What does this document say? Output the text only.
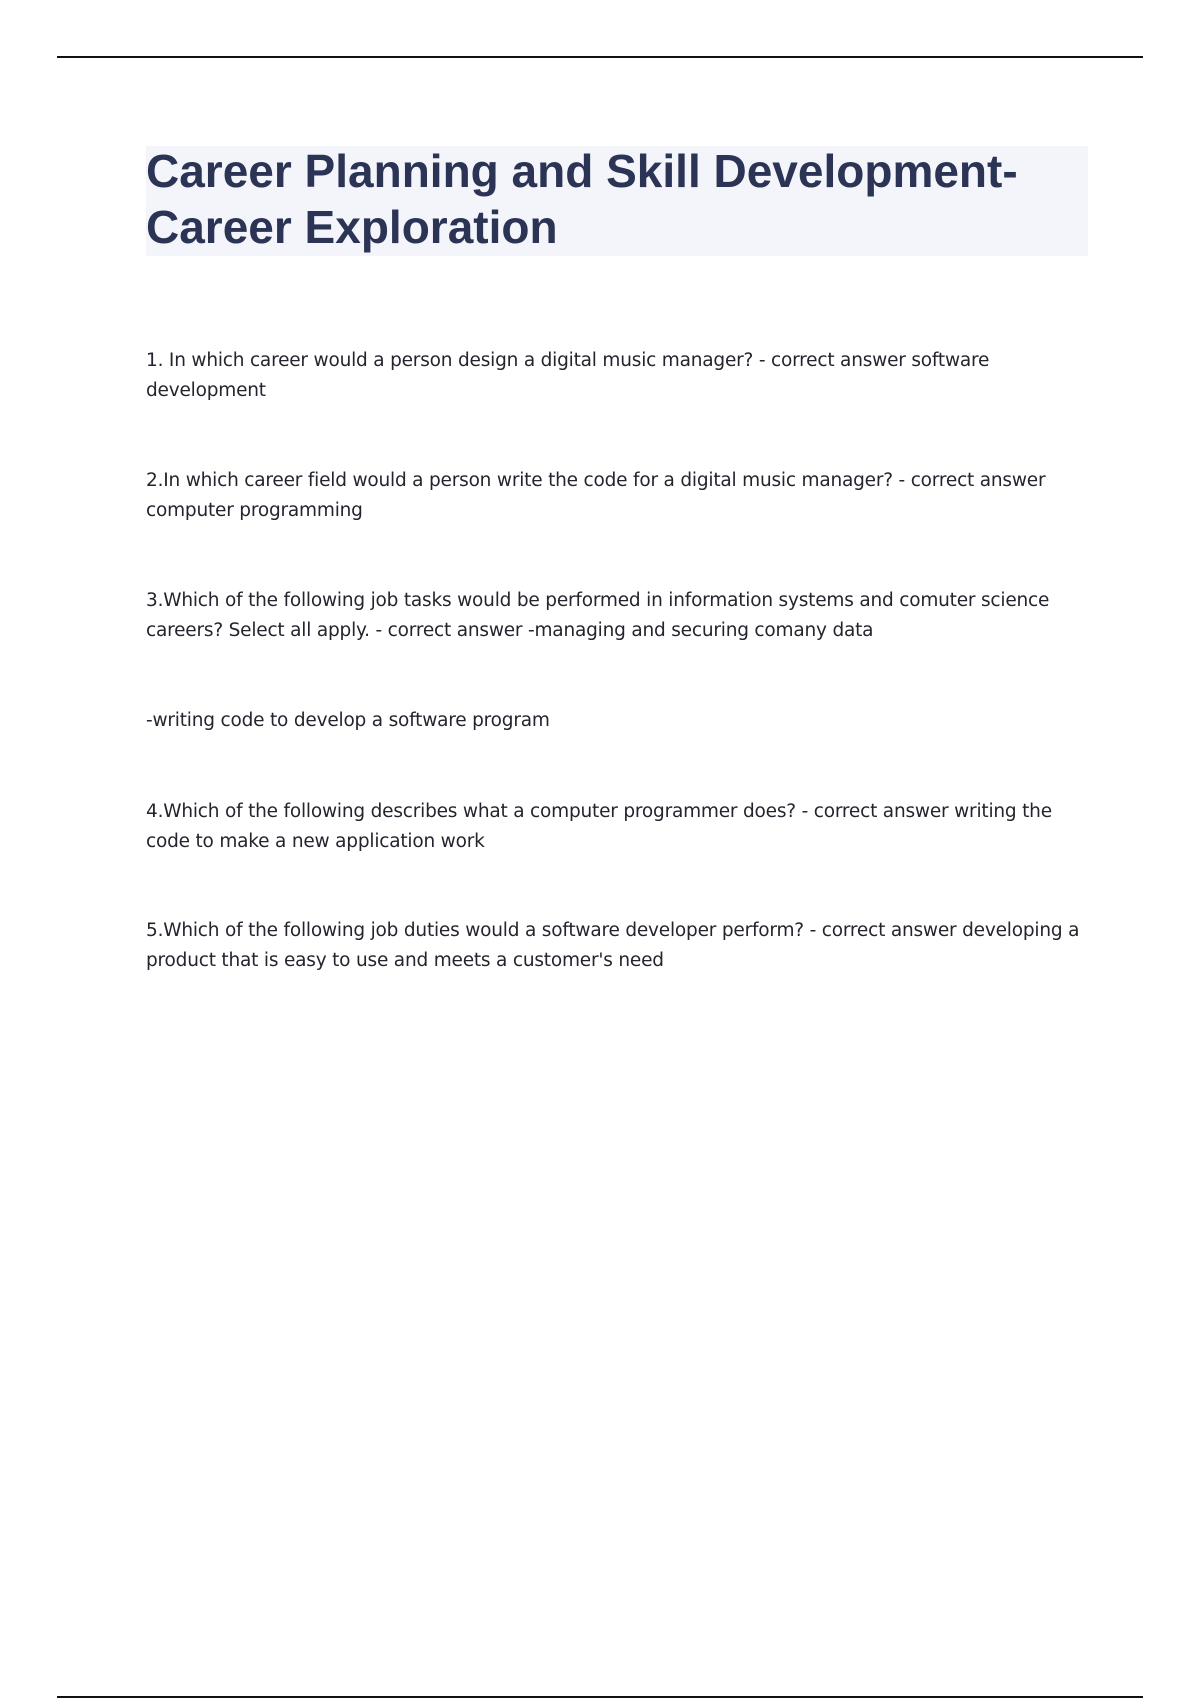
Career Planning and Skill Development-
Career Exploration

1. In which career would a person design a digital music manager? - correct answer software
development

2.In which career field would a person write the code for a digital music manager? - correct answer
computer programming

3.Which of the following job tasks would be performed in information systems and comuter science
careers? Select all apply. - correct answer -managing and securing comany data

-writing code to develop a software program

4.Which of the following describes what a computer programmer does? - correct answer writing the
code to make a new application work

5.Which of the following job duties would a software developer perform? - correct answer developing a
product that is easy to use and meets a customer's need
